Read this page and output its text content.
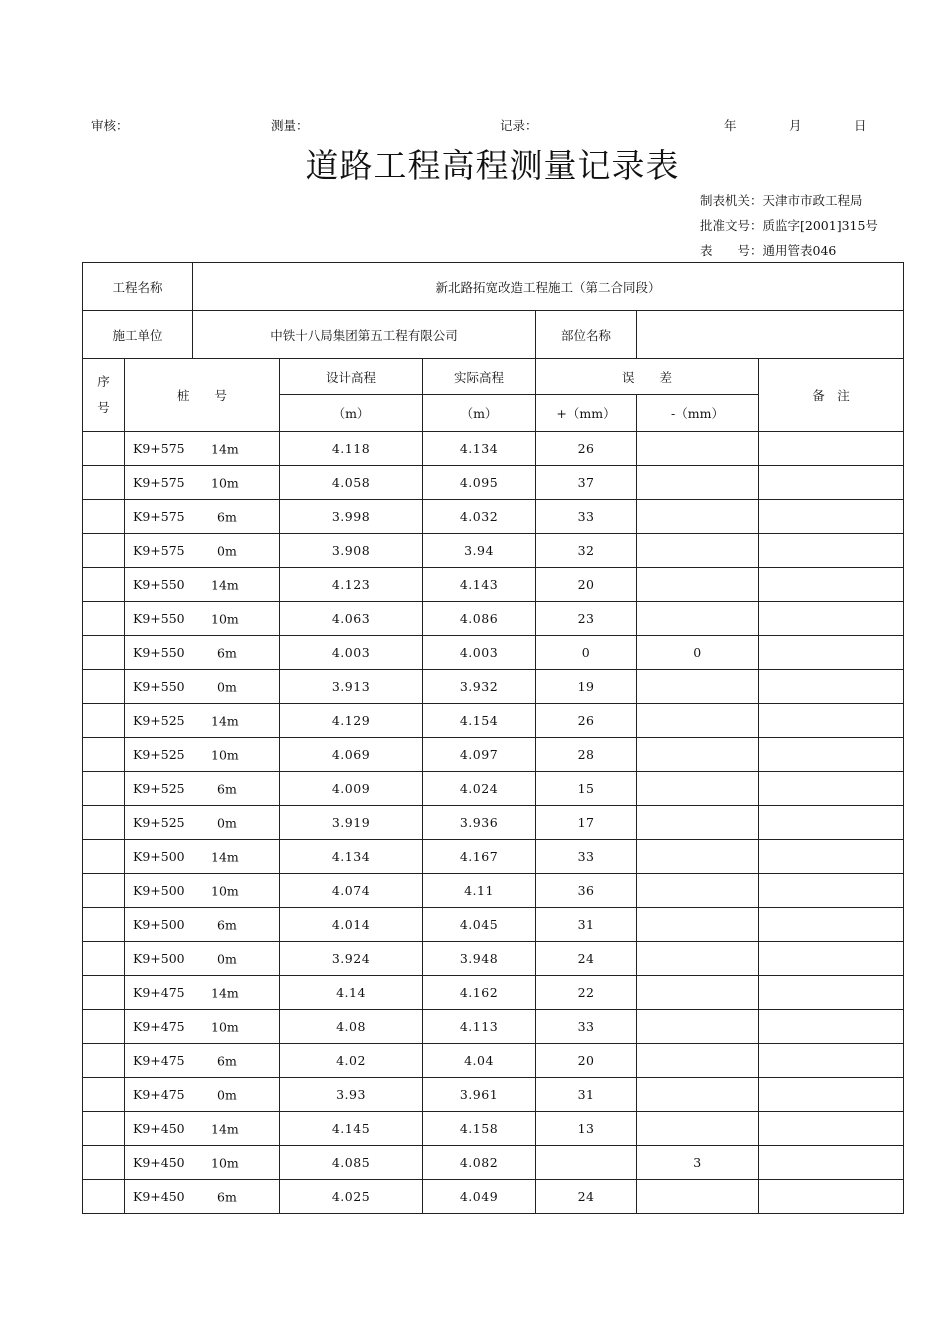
审核：	测量：	记录：	年	月	日
道路工程高程测量记录表
制表机关：天津市市政工程局
批准文号：质监字[2001]315号
表　　号：通用管表046
工程名称		新北路拓宽改造工程施工（第二合同段）					
施工单位		中铁十八局集团第五工程有限公司			部位名称		

序
号	桩　　号		设计高程	实际高程	误　　差		备　注
			（m）	（m）	+（mm）	-（mm）	
	K9+575 14m		4.118	4.134	26		
	K9+575 10m		4.058	4.095	37		
	K9+575 6m		3.998	4.032	33		
	K9+575 0m		3.908	3.94	32		
	K9+550 14m		4.123	4.143	20		
	K9+550 10m		4.063	4.086	23		
	K9+550 6m		4.003	4.003	0	0	
	K9+550 0m		3.913	3.932	19		
	K9+525 14m		4.129	4.154	26		
	K9+525 10m		4.069	4.097	28		
	K9+525 6m		4.009	4.024	15		
	K9+525 0m		3.919	3.936	17		
	K9+500 14m		4.134	4.167	33		
	K9+500 10m		4.074	4.11	36		
	K9+500 6m		4.014	4.045	31		
	K9+500 0m		3.924	3.948	24		
	K9+475 14m		4.14	4.162	22		
	K9+475 10m		4.08	4.113	33		
	K9+475 6m		4.02	4.04	20		
	K9+475 0m		3.93	3.961	31		
	K9+450 14m		4.145	4.158	13		
	K9+450 10m		4.085	4.082		3	
	K9+450 6m		4.025	4.049	24		
